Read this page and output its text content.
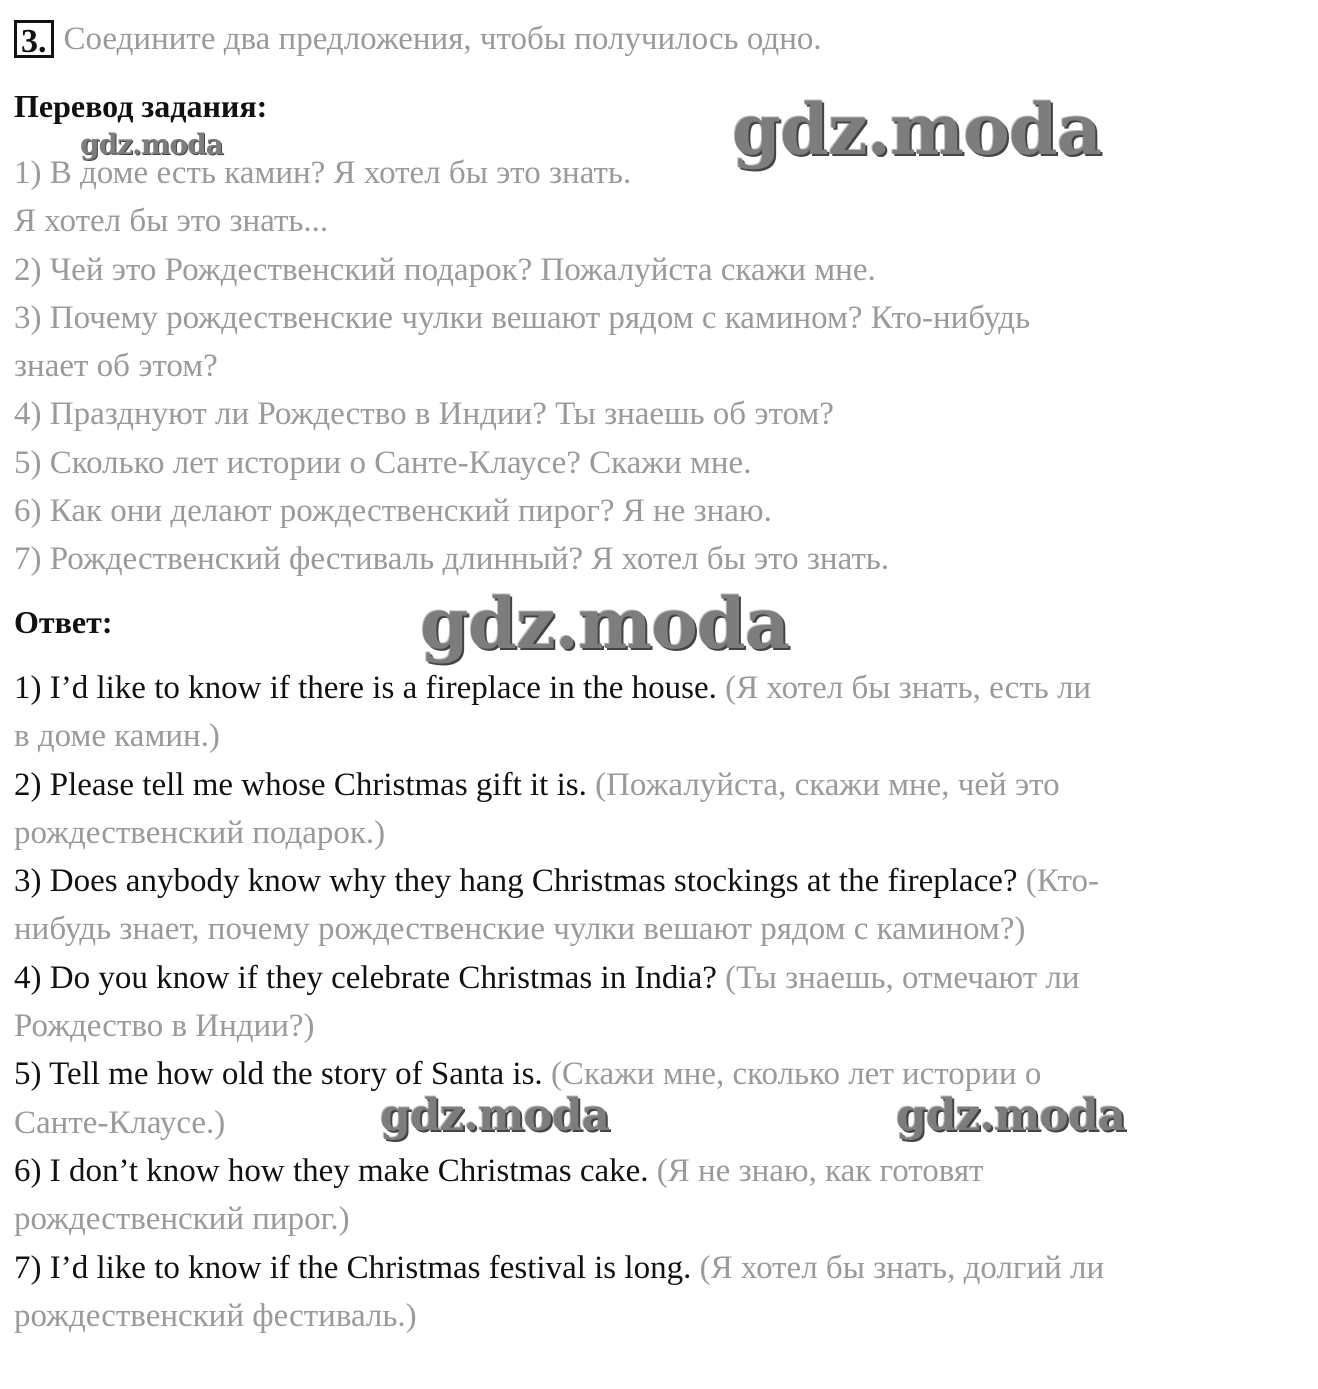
3. Соедините два предложения, чтобы получилось одно.
Перевод задания:
1) В доме есть камин? Я хотел бы это знать.
Я хотел бы это знать...
2) Чей это Рождественский подарок? Пожалуйста скажи мне.
3) Почему рождественские чулки вешают рядом с камином? Кто-нибудь
знает об этом?
4) Празднуют ли Рождество в Индии? Ты знаешь об этом?
5) Сколько лет истории о Санте-Клаусе? Скажи мне.
6) Как они делают рождественский пирог? Я не знаю.
7) Рождественский фестиваль длинный? Я хотел бы это знать.
Ответ:
1) I’d like to know if there is a fireplace in the house. (Я хотел бы знать, есть ли
в доме камин.)
2) Please tell me whose Christmas gift it is. (Пожалуйста, скажи мне, чей это
рождественский подарок.)
3) Does anybody know why they hang Christmas stockings at the fireplace? (Кто-
нибудь знает, почему рождественские чулки вешают рядом с камином?)
4) Do you know if they celebrate Christmas in India? (Ты знаешь, отмечают ли
Рождество в Индии?)
5) Tell me how old the story of Santa is. (Скажи мне, сколько лет истории о
Санте-Клаусе.)
6) I don’t know how they make Christmas cake. (Я не знаю, как готовят
рождественский пирог.)
7) I’d like to know if the Christmas festival is long. (Я хотел бы знать, долгий ли
рождественский фестиваль.)
gdz.moda
gdz.moda
gdz.moda
gdz.moda	gdz.moda
